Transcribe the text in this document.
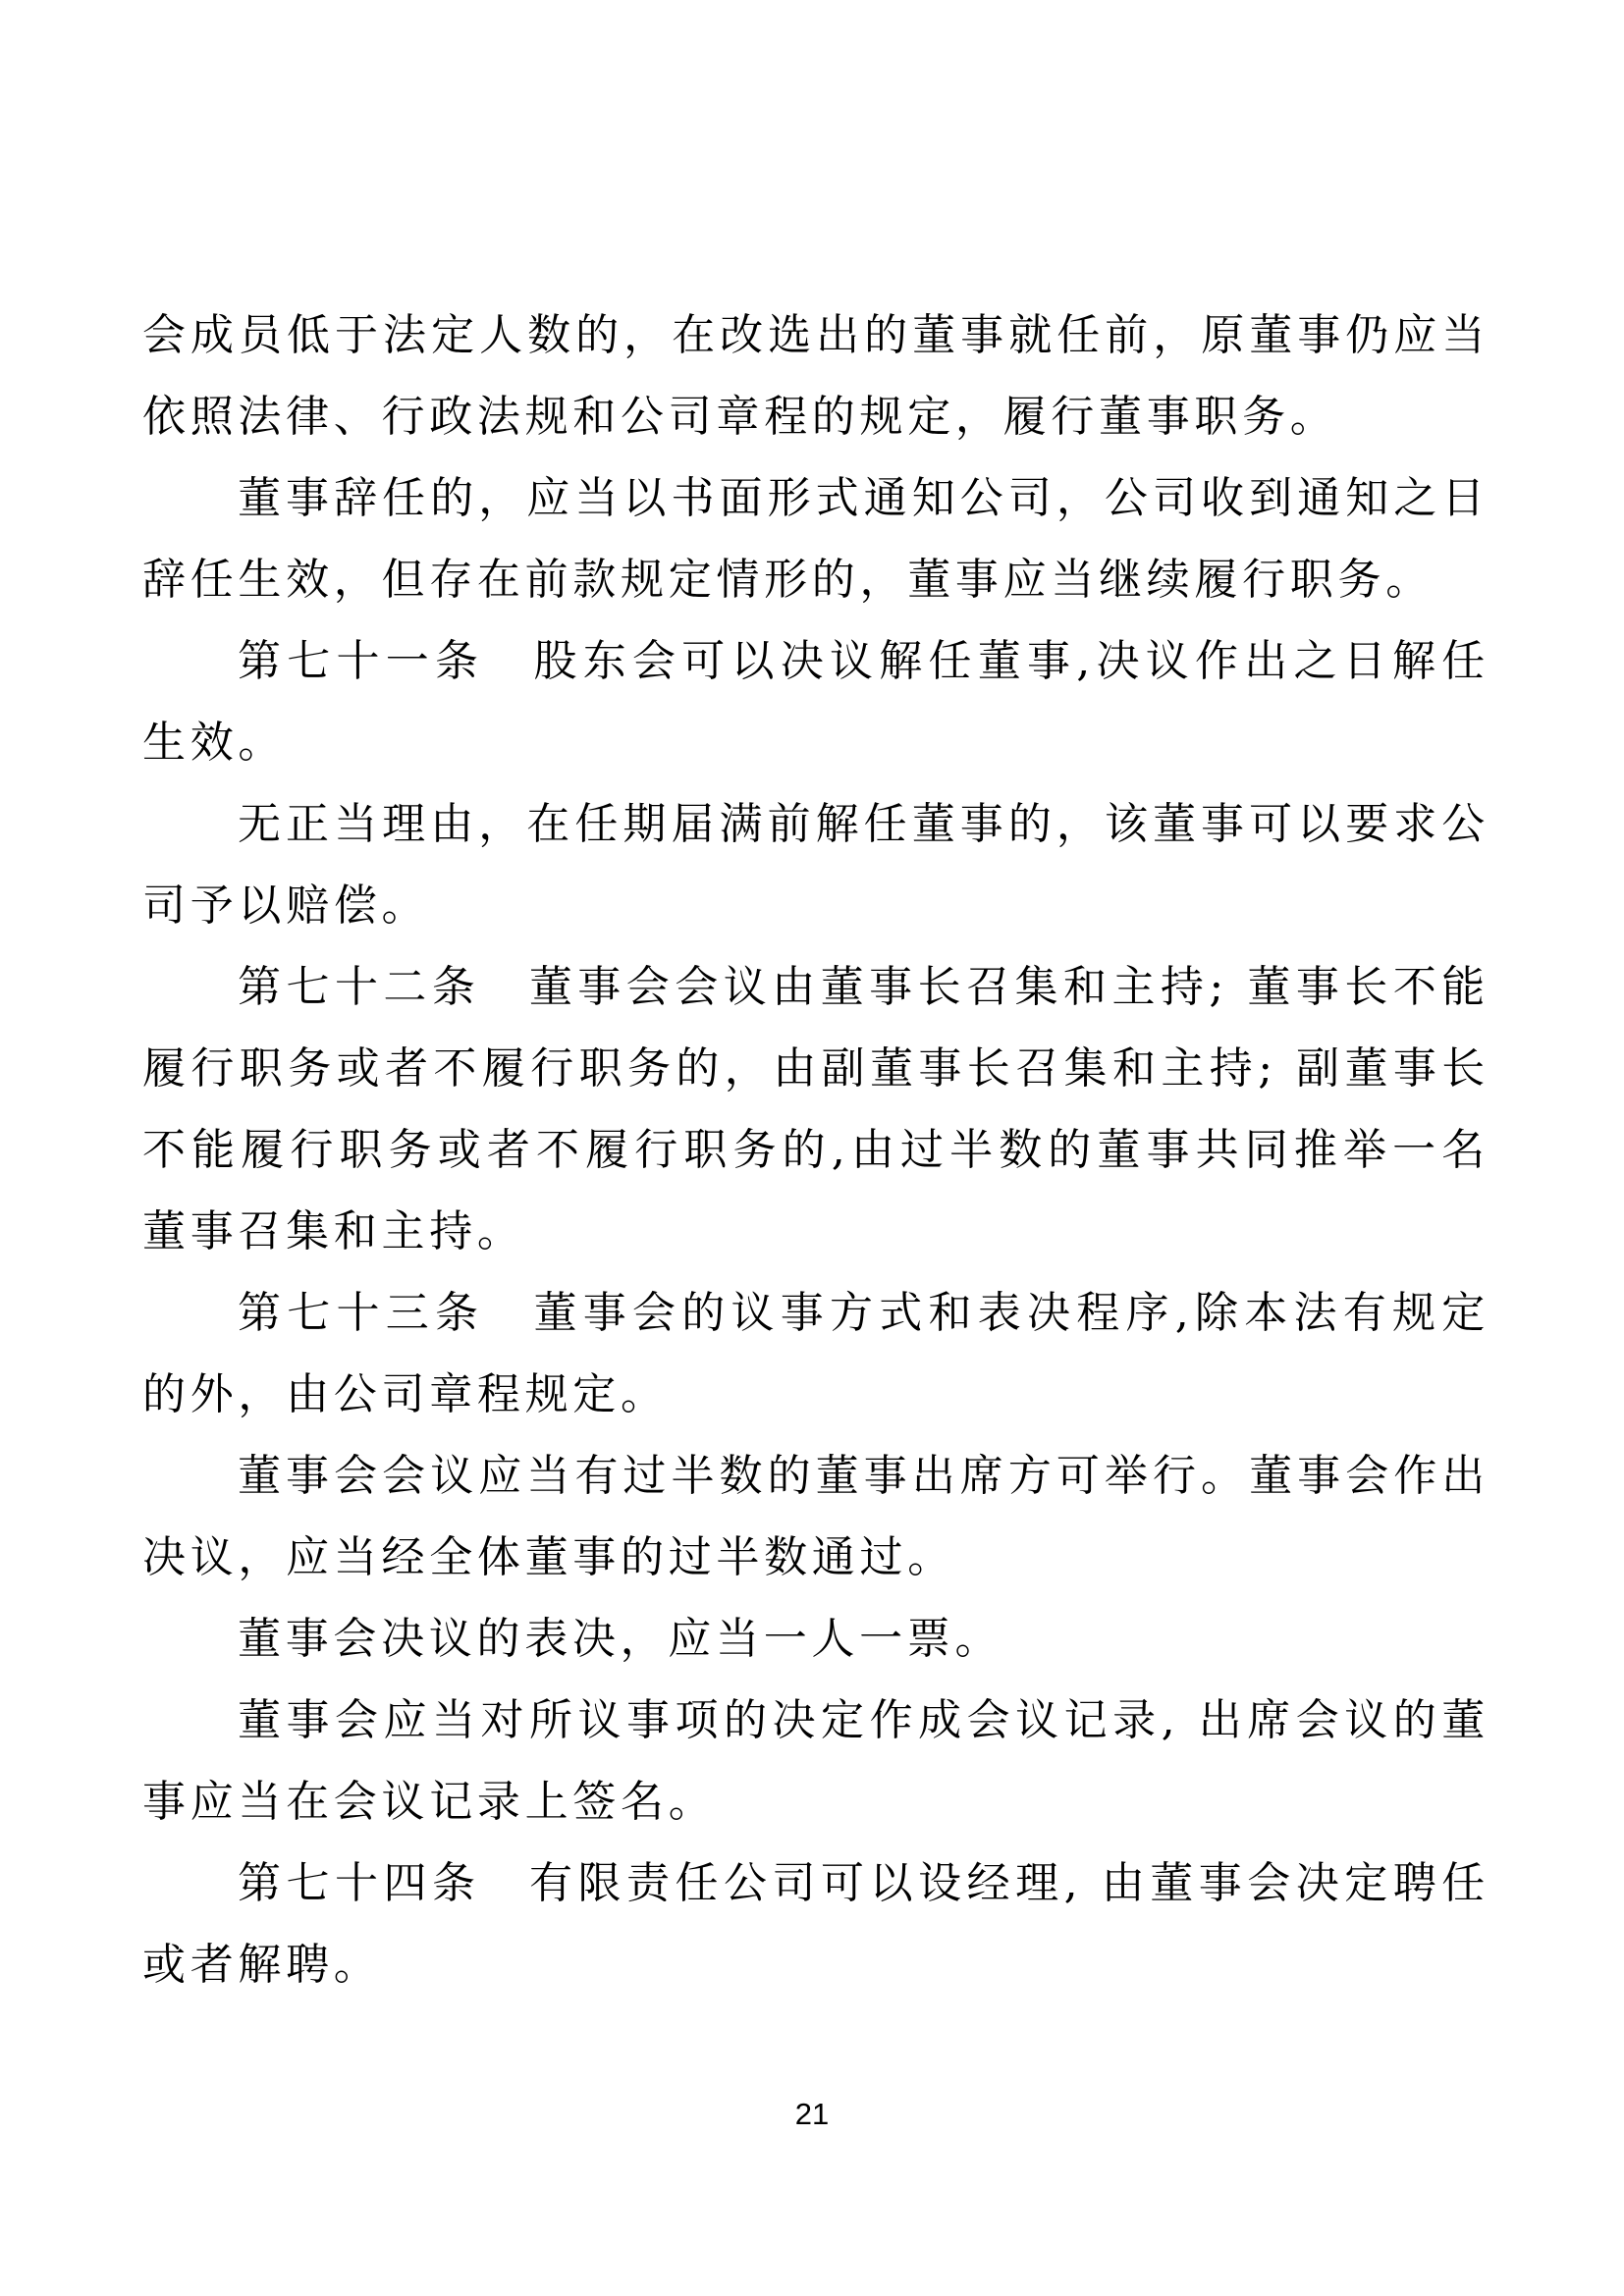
会成员低于法定人数的，在改选出的董事就任前，原董事仍应当依照法律、行政法规和公司章程的规定，履行董事职务。

董事辞任的，应当以书面形式通知公司，公司收到通知之日辞任生效，但存在前款规定情形的，董事应当继续履行职务。

第七十一条　股东会可以决议解任董事,决议作出之日解任生效。

无正当理由，在任期届满前解任董事的，该董事可以要求公司予以赔偿。

第七十二条　董事会会议由董事长召集和主持; 董事长不能履行职务或者不履行职务的，由副董事长召集和主持; 副董事长不能履行职务或者不履行职务的,由过半数的董事共同推举一名董事召集和主持。

第七十三条　董事会的议事方式和表决程序,除本法有规定的外，由公司章程规定。

董事会会议应当有过半数的董事出席方可举行。董事会作出决议，应当经全体董事的过半数通过。

董事会决议的表决，应当一人一票。

董事会应当对所议事项的决定作成会议记录, 出席会议的董事应当在会议记录上签名。

第七十四条　有限责任公司可以设经理, 由董事会决定聘任或者解聘。

21
